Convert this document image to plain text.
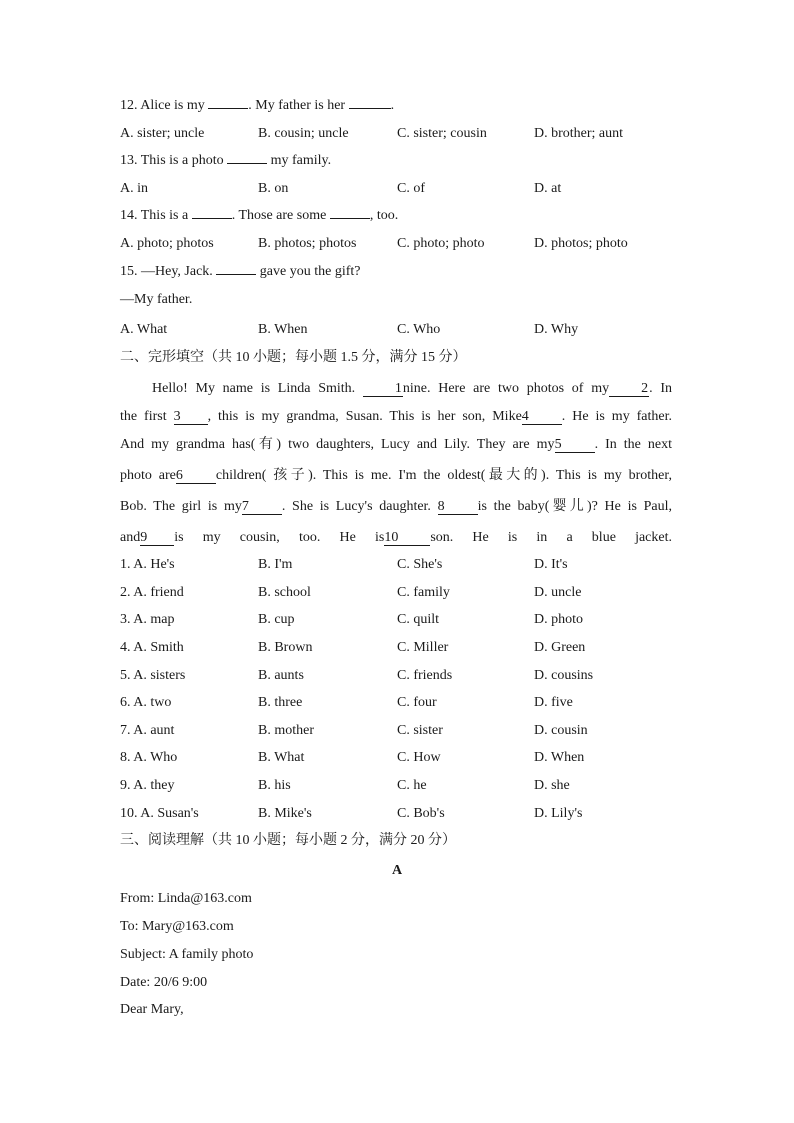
12. Alice is my	. My father is her	.
A. sister; uncle	B. cousin; uncle	C. sister; cousin	D. brother; aunt
13. This is a photo	my family.
A. in	B. on	C. of	D. at
14. This is a	. Those are some	, too.
A. photo; photos	B. photos; photos	C. photo; photo	D. photos; photo
15. —Hey, Jack.	gave you the gift?
—My father.
A. What	B. When	C. Who	D. Why
二、完形填空（共 10 小题；每小题 1.5 分，满分 15 分）
Hello! My name is Linda Smith. 1nine. Here are two photos of my 2. In
the first 3 , this is my grandma, Susan. This is her son, Mike4 . He is my father.
And my grandma has(有) two daughters, Lucy and Lily. They are my5 . In the next
photo are6 children( 孩子). This is me. I'm the oldest(最大的). This is my brother,
Bob. The girl is my7 . She is Lucy's daughter. 8 is the baby(婴儿)? He is Paul,
and9 is my cousin, too. He is10 son. He is in a blue jacket.
1. A. He's	B. I'm	C. She's	D. It's
2. A. friend	B. school	C. family	D. uncle
3. A. map	B. cup	C. quilt	D. photo
4. A. Smith	B. Brown	C. Miller	D. Green
5. A. sisters	B. aunts	C. friends	D. cousins
6. A. two	B. three	C. four	D. five
7. A. aunt	B. mother	C. sister	D. cousin
8. A. Who	B. What	C. How	D. When
9. A. they	B. his	C. he	D. she
10. A. Susan's	B. Mike's	C. Bob's	D. Lily's
三、阅读理解（共 10 小题；每小题 2 分，满分 20 分）
A
From: Linda@163.com
To: Mary@163.com
Subject: A family photo
Date: 20/6 9:00
Dear Mary,
